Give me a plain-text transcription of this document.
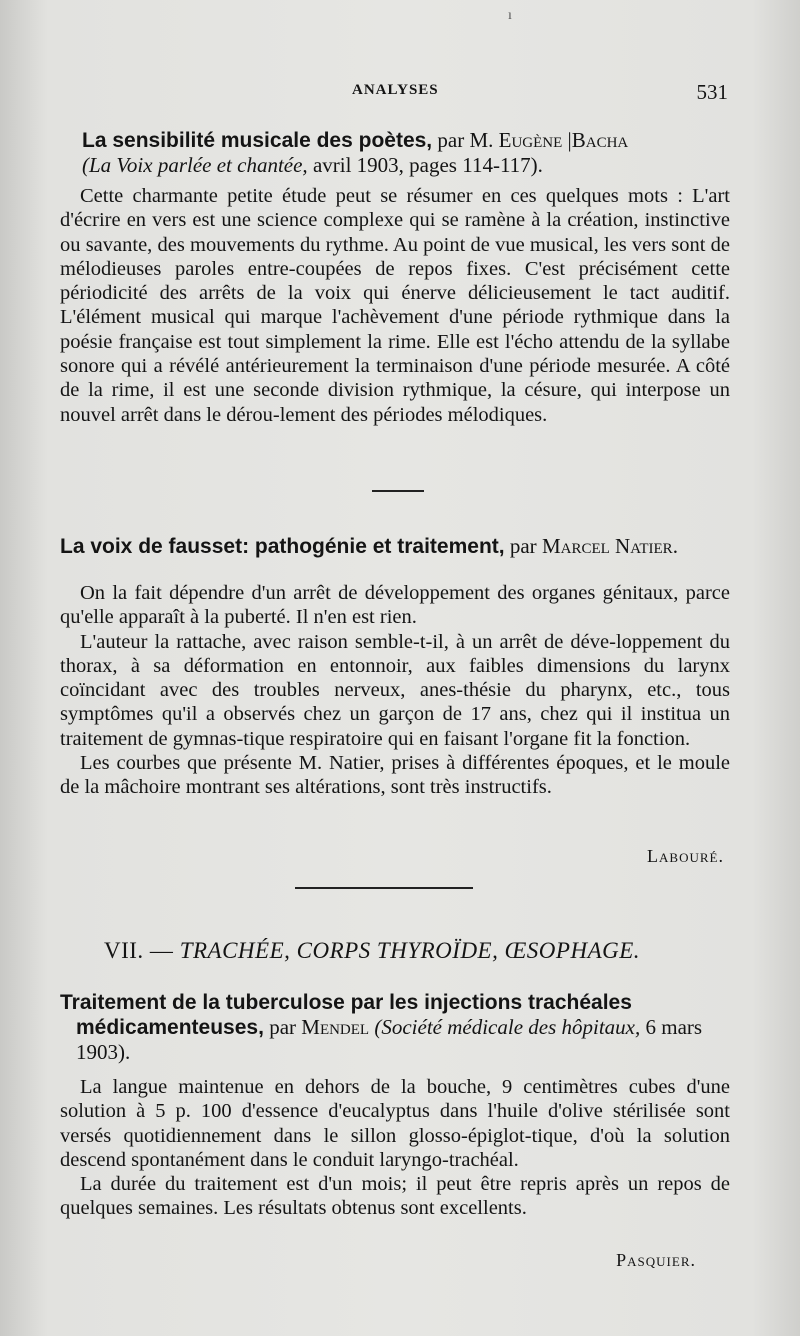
ı
ANALYSES	531

La sensibilité musicale des poètes, par M. Eugène |Bacha

(La Voix parlée et chantée, avril 1903, pages 114-117).

Cette charmante petite étude peut se résumer en ces quelques mots : L'art d'écrire en vers est une science complexe qui se ramène à la création, instinctive ou savante, des mouvements du rythme. Au point de vue musical, les vers sont de mélodieuses paroles entre-coupées de repos fixes. C'est précisément cette périodicité des arrêts de la voix qui énerve délicieusement le tact auditif. L'élément musical qui marque l'achèvement d'une période rythmique dans la poésie française est tout simplement la rime. Elle est l'écho attendu de la syllabe sonore qui a révélé antérieurement la terminaison d'une période mesurée. A côté de la rime, il est une seconde division rythmique, la césure, qui interpose un nouvel arrêt dans le dérou-lement des périodes mélodiques.

La voix de fausset: pathogénie et traitement, par Marcel Natier.

On la fait dépendre d'un arrêt de développement des organes génitaux, parce qu'elle apparaît à la puberté. Il n'en est rien.

L'auteur la rattache, avec raison semble-t-il, à un arrêt de déve-loppement du thorax, à sa déformation en entonnoir, aux faibles dimensions du larynx coïncidant avec des troubles nerveux, anes-thésie du pharynx, etc., tous symptômes qu'il a observés chez un garçon de 17 ans, chez qui il institua un traitement de gymnas-tique respiratoire qui en faisant l'organe fit la fonction.

Les courbes que présente M. Natier, prises à différentes époques, et le moule de la mâchoire montrant ses altérations, sont très instructifs.

Labouré.
VII. — TRACHÉE, CORPS THYROÏDE, ŒSOPHAGE.

Traitement de la tuberculose par les injections trachéales médicamenteuses, par Mendel (Société médicale des hôpitaux, 6 mars 1903).

La langue maintenue en dehors de la bouche, 9 centimètres cubes d'une solution à 5 p. 100 d'essence d'eucalyptus dans l'huile d'olive stérilisée sont versés quotidiennement dans le sillon glosso-épiglot-tique, d'où la solution descend spontanément dans le conduit laryngo-trachéal.

La durée du traitement est d'un mois; il peut être repris après un repos de quelques semaines. Les résultats obtenus sont excellents.

Pasquier.
